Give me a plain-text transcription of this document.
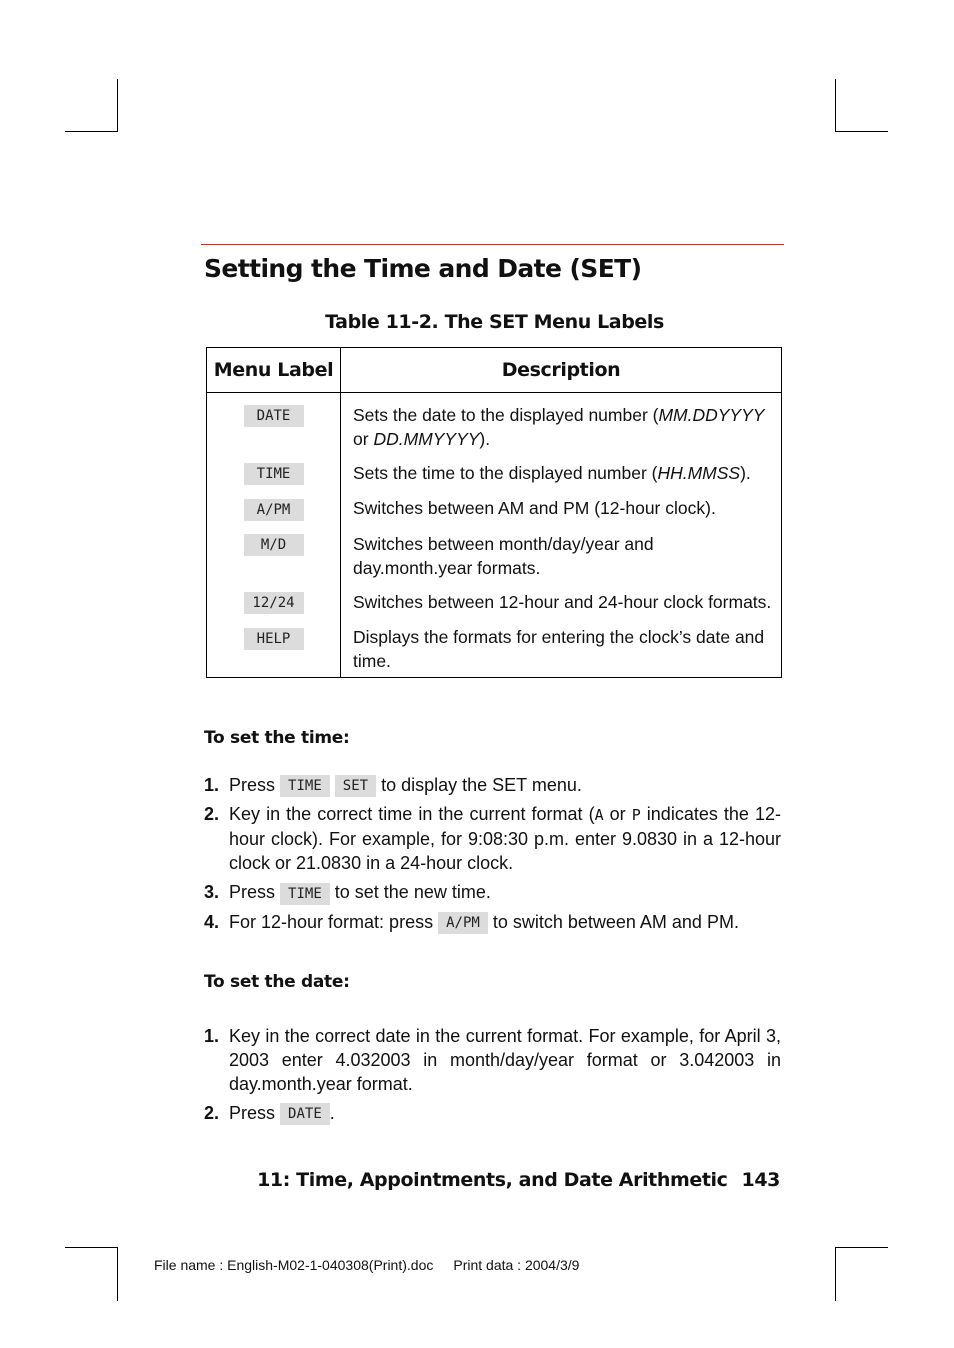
Setting the Time and Date (SET)
Table 11-2. The SET Menu Labels
Menu Label	Description
DATE	Sets the date to the displayed number (MM.DDYYYY or DD.MMYYYY).
TIME	Sets the time to the displayed number (HH.MMSS).
A/PM	Switches between AM and PM (12-hour clock).
M/D	Switches between month/day/year and day.month.year formats.
12/24	Switches between 12-hour and 24-hour clock formats.
HELP	Displays the formats for entering the clock’s date and time.
To set the time:
1. Press TIME SET to display the SET menu.
2. Key in the correct time in the current format (A or P indicates the 12-hour clock). For example, for 9:08:30 p.m. enter 9.0830 in a 12-hour clock or 21.0830 in a 24-hour clock.
3. Press TIME to set the new time.
4. For 12-hour format: press A/PM to switch between AM and PM.
To set the date:
1. Key in the correct date in the current format. For example, for April 3, 2003 enter 4.032003 in month/day/year format or 3.042003 in day.month.year format.
2. Press DATE .
11: Time, Appointments, and Date Arithmetic 143
File name : English-M02-1-040308(Print).doc Print data : 2004/3/9
